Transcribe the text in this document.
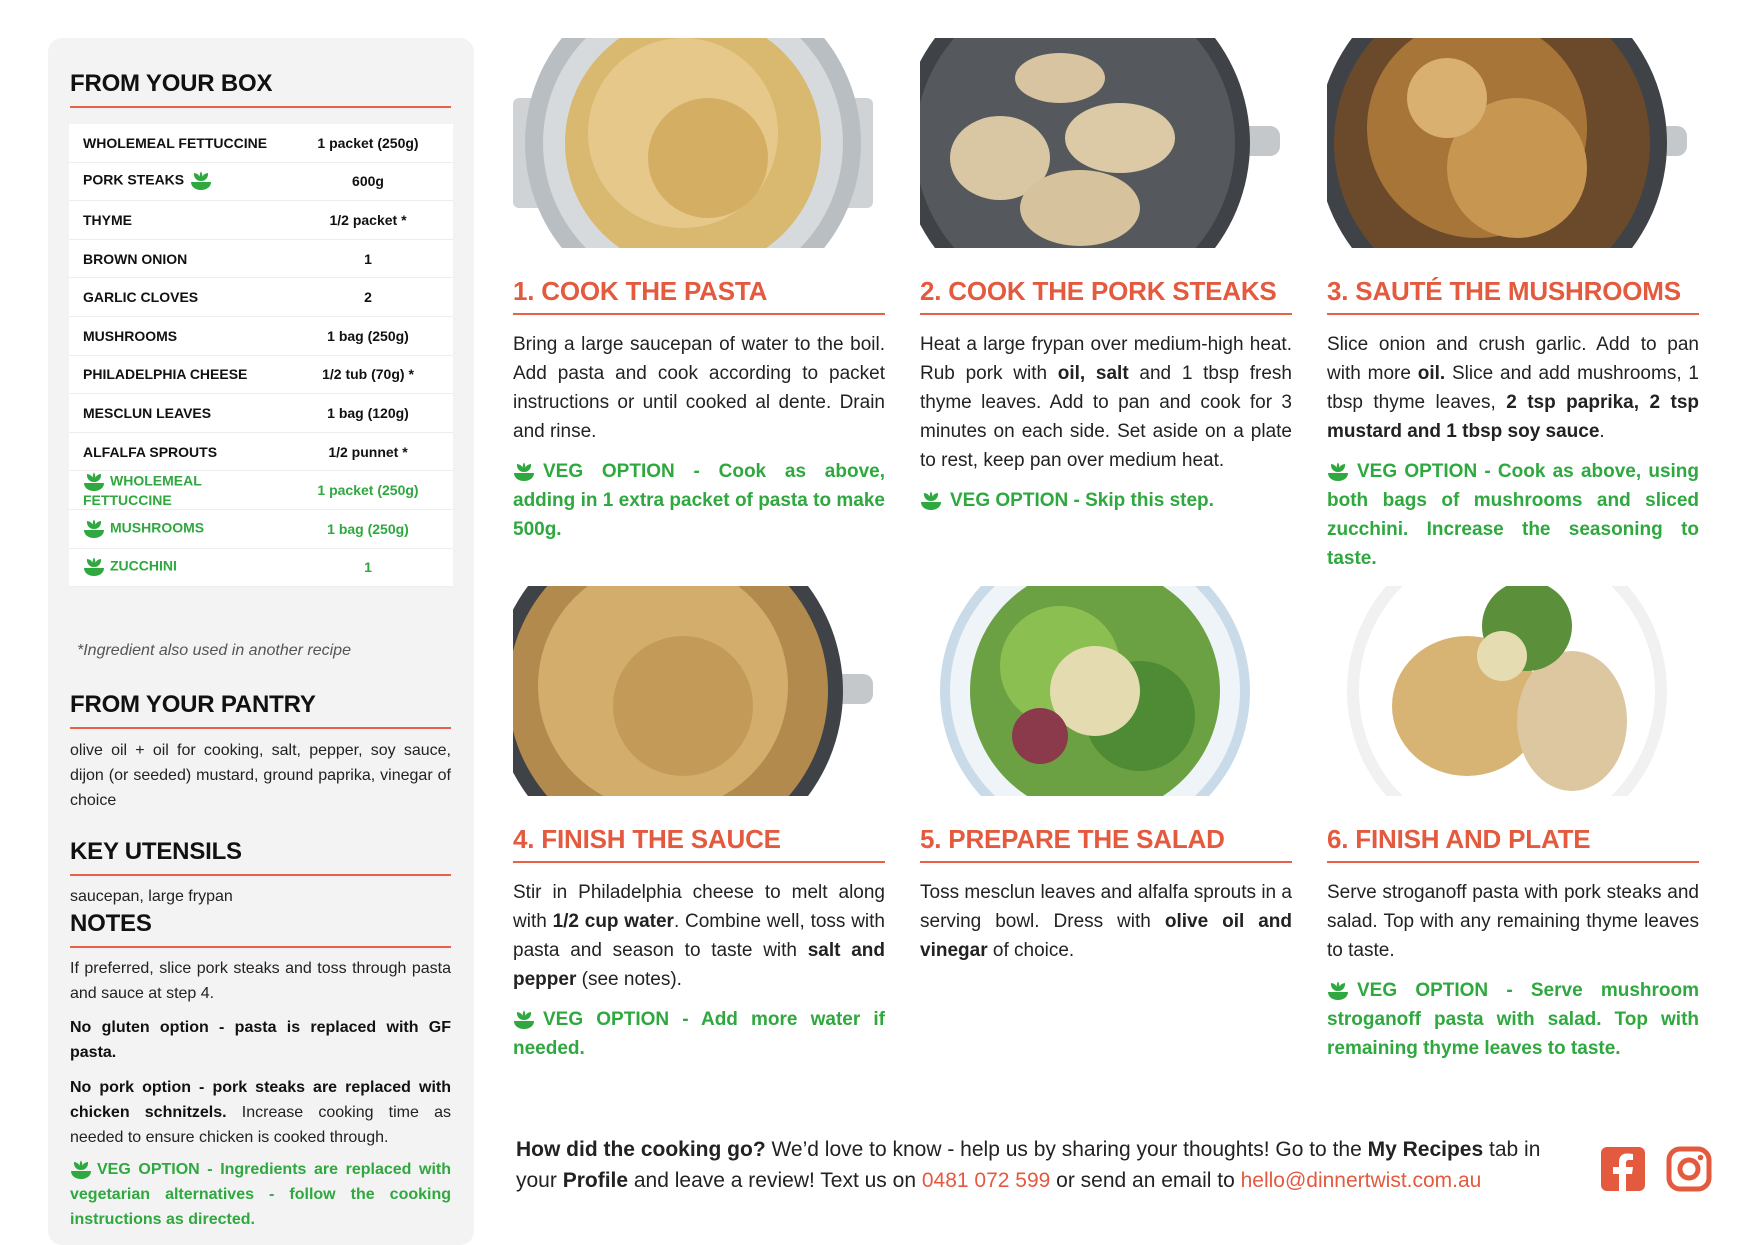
FROM YOUR BOX
WHOLEMEAL FETTUCCINE	1 packet (250g)
PORK STEAKS	600g
THYME	1/2 packet *
BROWN ONION	1
GARLIC CLOVES	2
MUSHROOMS	1 bag (250g)
PHILADELPHIA CHEESE	1/2 tub (70g) *
MESCLUN LEAVES	1 bag (120g)
ALFALFA SPROUTS	1/2 punnet *

WHOLEMEAL FETTUCCINE	1 packet (250g)

MUSHROOMS	1 bag (250g)

ZUCCHINI	1
*Ingredient also used in another recipe
FROM YOUR PANTRY
olive oil + oil for cooking, salt, pepper, soy sauce, dijon (or seeded) mustard, ground paprika, vinegar of choice
KEY UTENSILS
saucepan, large frypan
NOTES
If preferred, slice pork steaks and toss through pasta and sauce at step 4.
No gluten option - pasta is replaced with GF pasta.
No pork option - pork steaks are replaced with chicken schnitzels. Increase cooking time as needed to ensure chicken is cooked through.
VEG OPTION - Ingredients are replaced with vegetarian alternatives - follow the cooking instructions as directed.
1. COOK THE PASTA
Bring a large saucepan of water to the boil. Add pasta and cook according to packet instructions or until cooked al dente. Drain and rinse.
VEG OPTION - Cook as above, adding in 1 extra packet of pasta to make 500g.
2. COOK THE PORK STEAKS
Heat a large frypan over medium-high heat. Rub pork with oil, salt and 1 tbsp fresh thyme leaves. Add to pan and cook for 3 minutes on each side. Set aside on a plate to rest, keep pan over medium heat.
VEG OPTION - Skip this step.
3. SAUTÉ THE MUSHROOMS
Slice onion and crush garlic. Add to pan with more oil. Slice and add mushrooms, 1 tbsp thyme leaves, 2 tsp paprika, 2 tsp mustard and 1 tbsp soy sauce.
VEG OPTION - Cook as above, using both bags of mushrooms and sliced zucchini. Increase the seasoning to taste.
4. FINISH THE SAUCE
Stir in Philadelphia cheese to melt along with 1/2 cup water. Combine well, toss with pasta and season to taste with salt and pepper (see notes).
VEG OPTION - Add more water if needed.
5. PREPARE THE SALAD
Toss mesclun leaves and alfalfa sprouts in a serving bowl. Dress with olive oil and vinegar of choice.
6. FINISH AND PLATE
Serve stroganoff pasta with pork steaks and salad. Top with any remaining thyme leaves to taste.
VEG OPTION - Serve mushroom stroganoff pasta with salad. Top with remaining thyme leaves to taste.
How did the cooking go? We’d love to know - help us by sharing your thoughts! Go to the My Recipes tab in your Profile and leave a review! Text us on 0481 072 599 or send an email to hello@dinnertwist.com.au
